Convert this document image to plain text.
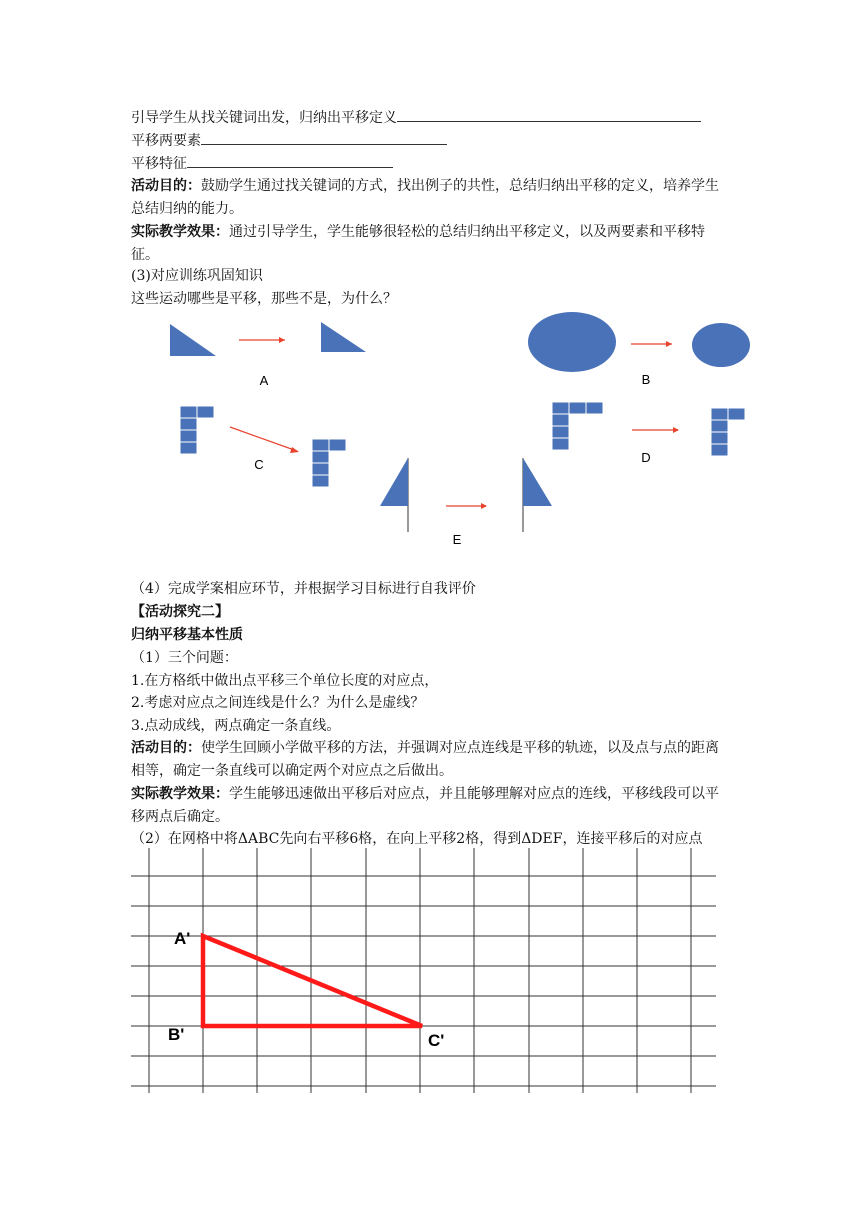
引导学生从找关键词出发，归纳出平移定义
平移两要素
平移特征
活动目的：鼓励学生通过找关键词的方式，找出例子的共性，总结归纳出平移的定义，培养学生总结归纳的能力。
实际教学效果：通过引导学生，学生能够很轻松的总结归纳出平移定义，以及两要素和平移特征。
(3)对应训练巩固知识
这些运动哪些是平移，那些不是，为什么？
A	B
C	D
E
（4）完成学案相应环节，并根据学习目标进行自我评价
【活动探究二】
归纳平移基本性质
（1）三个问题：
1.在方格纸中做出点平移三个单位长度的对应点，
2.考虑对应点之间连线是什么？为什么是虚线？
3.点动成线，两点确定一条直线。
活动目的：使学生回顾小学做平移的方法，并强调对应点连线是平移的轨迹，以及点与点的距离相等，确定一条直线可以确定两个对应点之后做出。
实际教学效果：学生能够迅速做出平移后对应点，并且能够理解对应点的连线，平移线段可以平移两点后确定。
（2）在网格中将ΔABC先向右平移6格，在向上平移2格，得到ΔDEF，连接平移后的对应点
A'
B'	C'
